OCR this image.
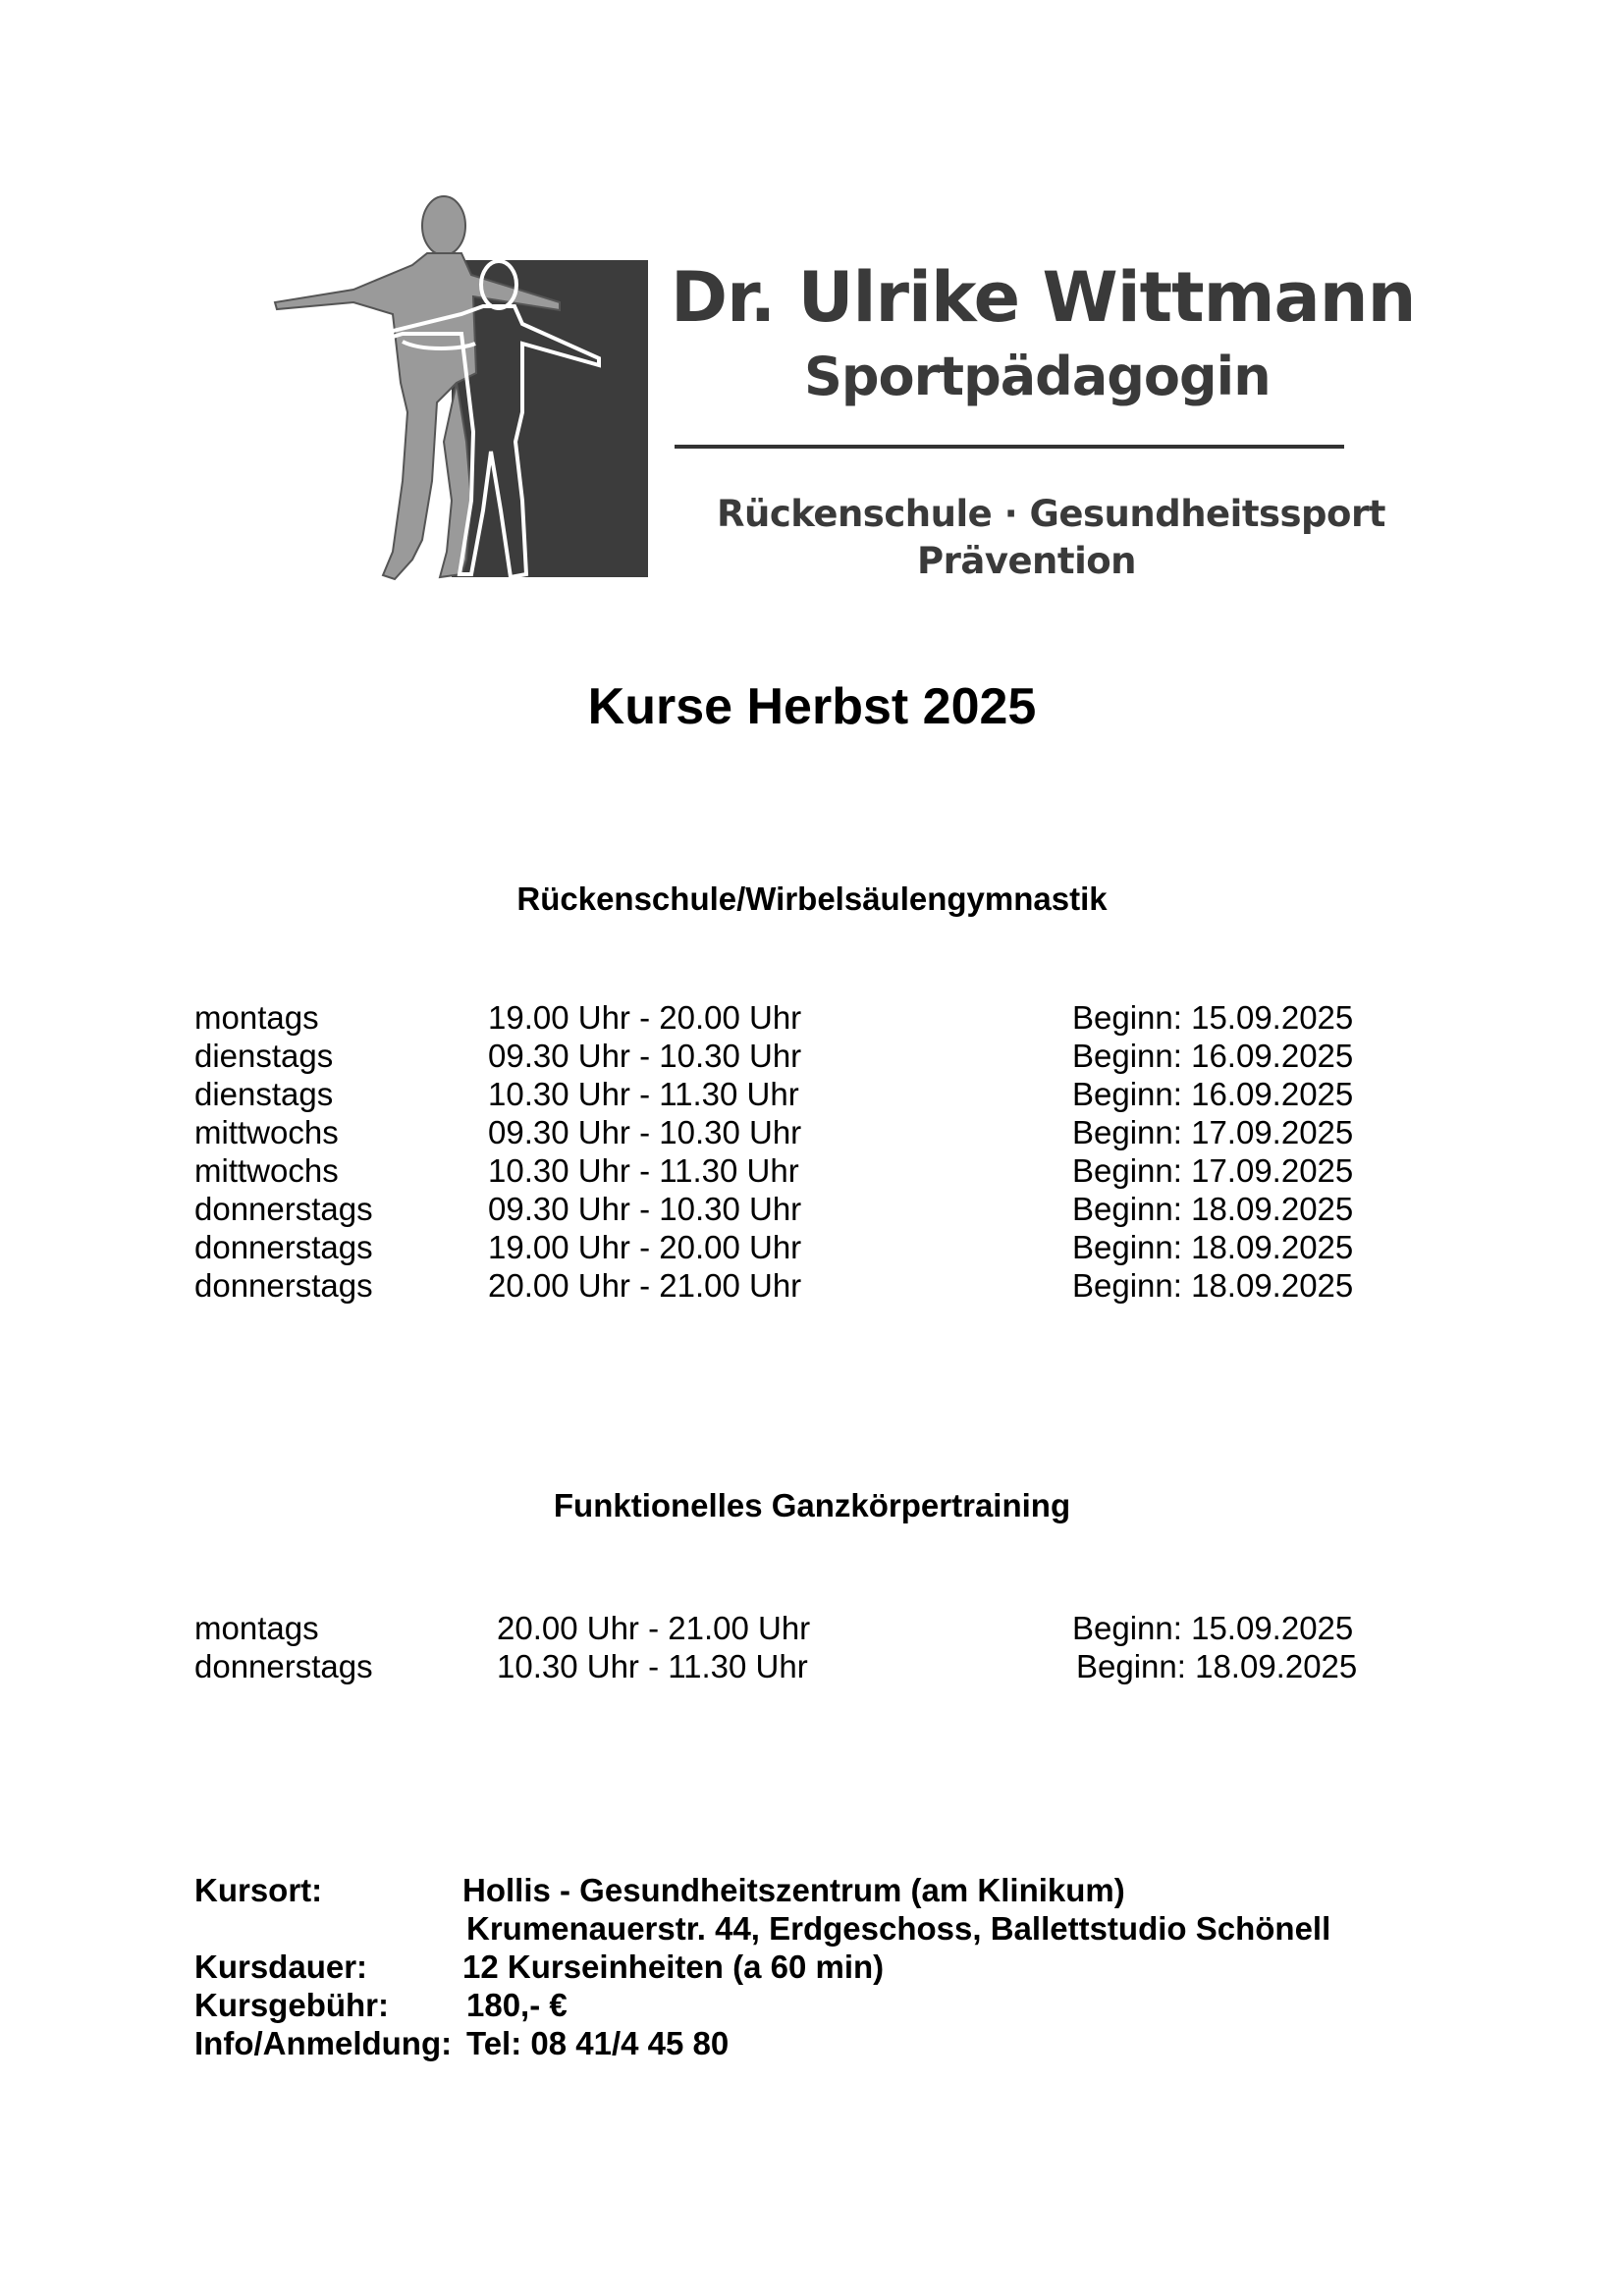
Dr. Ulrike Wittmann
Sportpädagogin
Rückenschule · Gesundheitssport
Prävention
Kurse Herbst 2025
Rückenschule/Wirbelsäulengymnastik
montags	19.00 Uhr - 20.00 Uhr	Beginn: 15.09.2025
dienstags	09.30 Uhr - 10.30 Uhr	Beginn: 16.09.2025
dienstags	10.30 Uhr - 11.30 Uhr	Beginn: 16.09.2025
mittwochs	09.30 Uhr - 10.30 Uhr	Beginn: 17.09.2025
mittwochs	10.30 Uhr - 11.30 Uhr	Beginn: 17.09.2025
donnerstags	09.30 Uhr - 10.30 Uhr	Beginn: 18.09.2025
donnerstags	19.00 Uhr - 20.00 Uhr	Beginn: 18.09.2025
donnerstags	20.00 Uhr - 21.00 Uhr	Beginn: 18.09.2025
Funktionelles Ganzkörpertraining
montags	20.00 Uhr - 21.00 Uhr	Beginn: 15.09.2025
donnerstags	10.30 Uhr - 11.30 Uhr	Beginn: 18.09.2025
Kursort:	Hollis - Gesundheitszentrum (am Klinikum)
Krumenauerstr. 44, Erdgeschoss, Ballettstudio Schönell
Kursdauer:	12 Kurseinheiten (a 60 min)
Kursgebühr: 180,- €
Info/Anmeldung: Tel: 08 41/4 45 80
